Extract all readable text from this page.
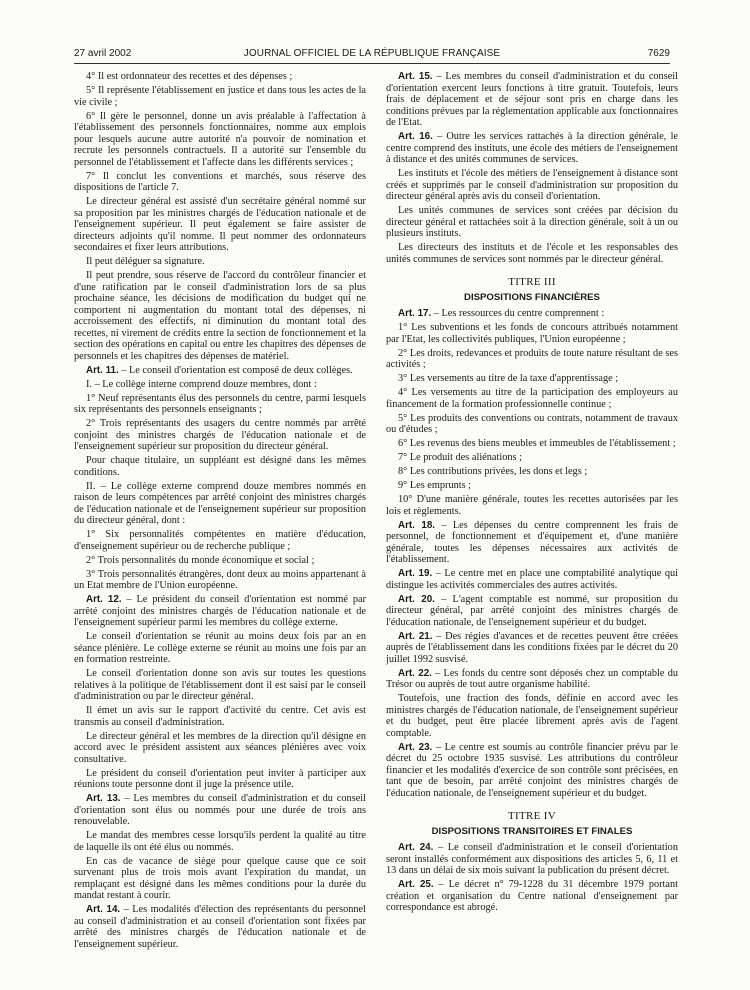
27 avril 2002	JOURNAL OFFICIEL DE LA RÉPUBLIQUE FRANÇAISE	7629

4° Il est ordonnateur des recettes et des dépenses ;

5° Il représente l'établissement en justice et dans tous les actes de la vie civile ;

6° Il gère le personnel, donne un avis préalable à l'affectation à l'établissement des personnels fonctionnaires, nomme aux emplois pour lesquels aucune autre autorité n'a pouvoir de nomination et recrute les personnels contractuels. Il a autorité sur l'ensemble du personnel de l'établissement et l'affecte dans les différents services ;

7° Il conclut les conventions et marchés, sous réserve des dispositions de l'article 7.

Le directeur général est assisté d'un secrétaire général nommé sur sa proposition par les ministres chargés de l'éducation nationale et de l'enseignement supérieur. Il peut également se faire assister de directeurs adjoints qu'il nomme. Il peut nommer des ordonnateurs secondaires et fixer leurs attributions.

Il peut déléguer sa signature.

Il peut prendre, sous réserve de l'accord du contrôleur financier et d'une ratification par le conseil d'administration lors de sa plus prochaine séance, les décisions de modification du budget qui ne comportent ni augmentation du montant total des dépenses, ni accroissement des effectifs, ni diminution du montant total des recettes, ni virement de crédits entre la section de fonctionnement et la section des opérations en capital ou entre les chapitres des dépenses de personnels et les chapitres des dépenses de matériel.

Art. 11. – Le conseil d'orientation est composé de deux collèges.

I. – Le collège interne comprend douze membres, dont :

1° Neuf représentants élus des personnels du centre, parmi lesquels six représentants des personnels enseignants ;

2° Trois représentants des usagers du centre nommés par arrêté conjoint des ministres chargés de l'éducation nationale et de l'enseignement supérieur sur proposition du directeur général.

Pour chaque titulaire, un suppléant est désigné dans les mêmes conditions.

II. – Le collège externe comprend douze membres nommés en raison de leurs compétences par arrêté conjoint des ministres chargés de l'éducation nationale et de l'enseignement supérieur sur proposition du directeur général, dont :

1° Six personnalités compétentes en matière d'éducation, d'enseignement supérieur ou de recherche publique ;

2° Trois personnalités du monde économique et social ;

3° Trois personnalités étrangères, dont deux au moins appartenant à un Etat membre de l'Union européenne.

Art. 12. – Le président du conseil d'orientation est nommé par arrêté conjoint des ministres chargés de l'éducation nationale et de l'enseignement supérieur parmi les membres du collège externe.

Le conseil d'orientation se réunit au moins deux fois par an en séance plénière. Le collège externe se réunit au moins une fois par an en formation restreinte.

Le conseil d'orientation donne son avis sur toutes les questions relatives à la politique de l'établissement dont il est saisi par le conseil d'administration ou par le directeur général.

Il émet un avis sur le rapport d'activité du centre. Cet avis est transmis au conseil d'administration.

Le directeur général et les membres de la direction qu'il désigne en accord avec le président assistent aux séances plénières avec voix consultative.

Le président du conseil d'orientation peut inviter à participer aux réunions toute personne dont il juge la présence utile.

Art. 13. – Les membres du conseil d'administration et du conseil d'orientation sont élus ou nommés pour une durée de trois ans renouvelable.

Le mandat des membres cesse lorsqu'ils perdent la qualité au titre de laquelle ils ont été élus ou nommés.

En cas de vacance de siège pour quelque cause que ce soit survenant plus de trois mois avant l'expiration du mandat, un remplaçant est désigné dans les mêmes conditions pour la durée du mandat restant à courir.

Art. 14. – Les modalités d'élection des représentants du personnel au conseil d'administration et au conseil d'orientation sont fixées par arrêté des ministres chargés de l'éducation nationale et de l'enseignement supérieur.

Art. 15. – Les membres du conseil d'administration et du conseil d'orientation exercent leurs fonctions à titre gratuit. Toutefois, leurs frais de déplacement et de séjour sont pris en charge dans les conditions prévues par la réglementation applicable aux fonctionnaires de l'Etat.

Art. 16. – Outre les services rattachés à la direction générale, le centre comprend des instituts, une école des métiers de l'enseignement à distance et des unités communes de services.

Les instituts et l'école des métiers de l'enseignement à distance sont créés et supprimés par le conseil d'administration sur proposition du directeur général après avis du conseil d'orientation.

Les unités communes de services sont créées par décision du directeur général et rattachées soit à la direction générale, soit à un ou plusieurs instituts.

Les directeurs des instituts et de l'école et les responsables des unités communes de services sont nommés par le directeur général.

TITRE III
DISPOSITIONS FINANCIÈRES

Art. 17. – Les ressources du centre comprennent :

1° Les subventions et les fonds de concours attribués notamment par l'Etat, les collectivités publiques, l'Union européenne ;

2° Les droits, redevances et produits de toute nature résultant de ses activités ;

3° Les versements au titre de la taxe d'apprentissage ;

4° Les versements au titre de la participation des employeurs au financement de la formation professionnelle continue ;

5° Les produits des conventions ou contrats, notamment de travaux ou d'études ;

6° Les revenus des biens meubles et immeubles de l'établissement ;

7° Le produit des aliénations ;

8° Les contributions privées, les dons et legs ;

9° Les emprunts ;

10° D'une manière générale, toutes les recettes autorisées par les lois et règlements.

Art. 18. – Les dépenses du centre comprennent les frais de personnel, de fonctionnement et d'équipement et, d'une manière générale, toutes les dépenses nécessaires aux activités de l'établissement.

Art. 19. – Le centre met en place une comptabilité analytique qui distingue les activités commerciales des autres activités.

Art. 20. – L'agent comptable est nommé, sur proposition du directeur général, par arrêté conjoint des ministres chargés de l'éducation nationale, de l'enseignement supérieur et du budget.

Art. 21. – Des régies d'avances et de recettes peuvent être créées auprès de l'établissement dans les conditions fixées par le décret du 20 juillet 1992 susvisé.

Art. 22. – Les fonds du centre sont déposés chez un comptable du Trésor ou auprès de tout autre organisme habilité.

Toutefois, une fraction des fonds, définie en accord avec les ministres chargés de l'éducation nationale, de l'enseignement supérieur et du budget, peut être placée librement après avis de l'agent comptable.

Art. 23. – Le centre est soumis au contrôle financier prévu par le décret du 25 octobre 1935 susvisé. Les attributions du contrôleur financier et les modalités d'exercice de son contrôle sont précisées, en tant que de besoin, par arrêté conjoint des ministres chargés de l'éducation nationale, de l'enseignement supérieur et du budget.

TITRE IV
DISPOSITIONS TRANSITOIRES ET FINALES

Art. 24. – Le conseil d'administration et le conseil d'orientation seront installés conformément aux dispositions des articles 5, 6, 11 et 13 dans un délai de six mois suivant la publication du présent décret.

Art. 25. – Le décret n° 79-1228 du 31 décembre 1979 portant création et organisation du Centre national d'enseignement par correspondance est abrogé.
